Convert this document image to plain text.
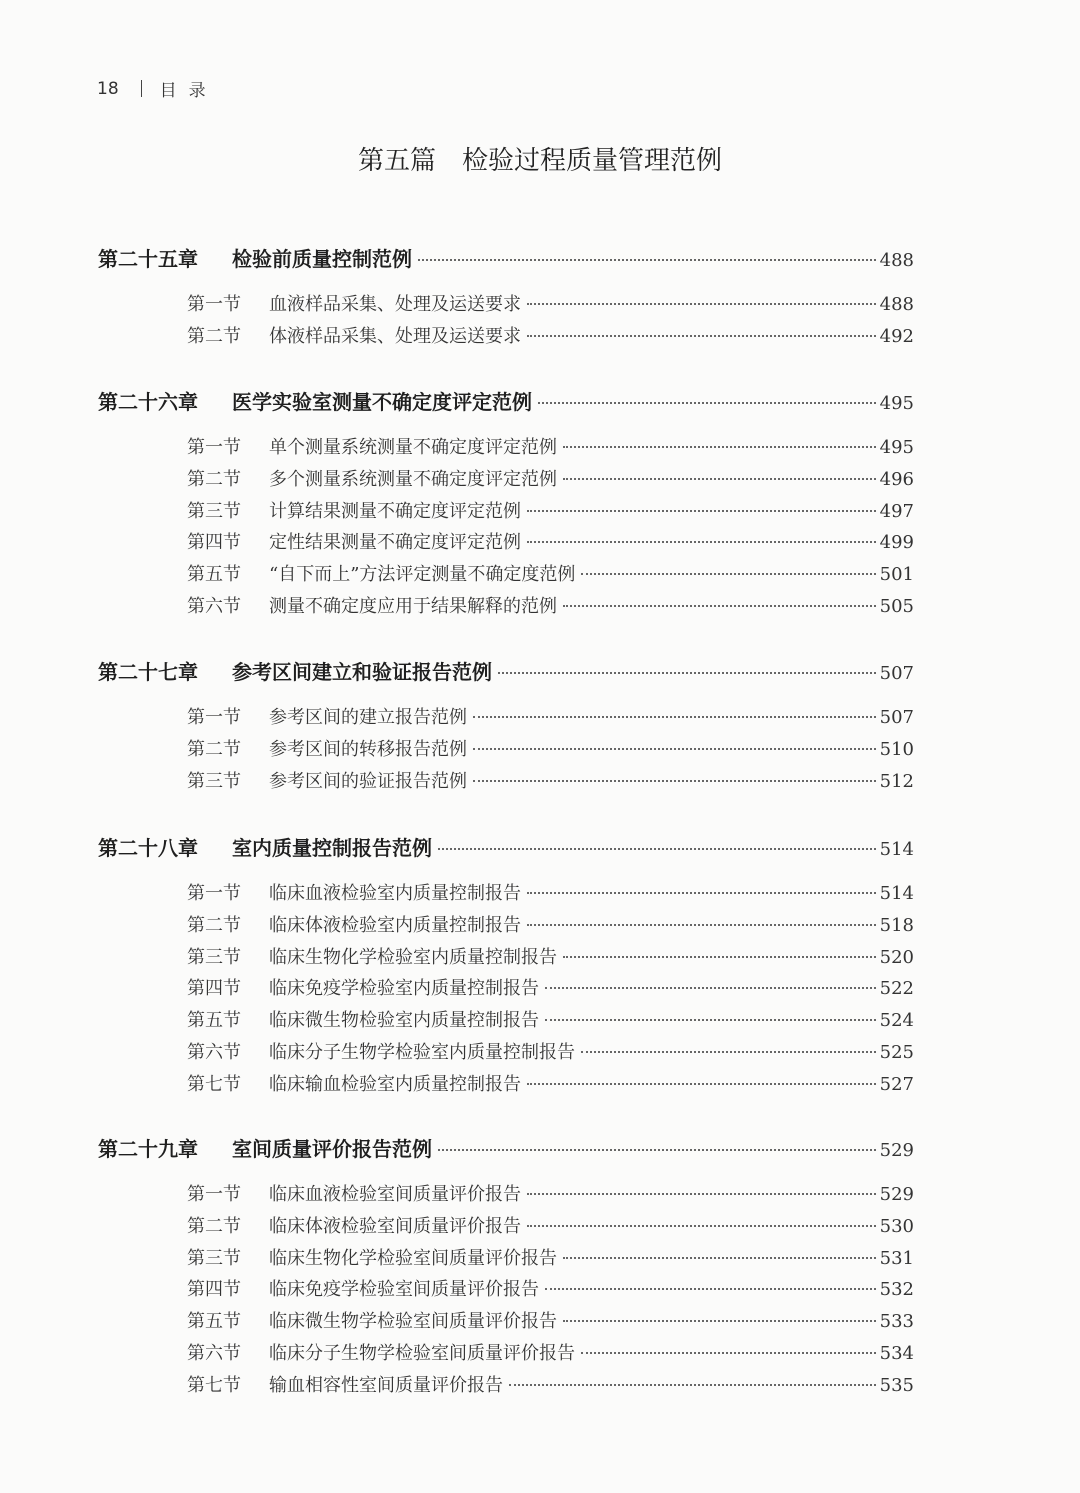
18 目录
第五篇　检验过程质量管理范例
第二十五章	检验前质量控制范例	488
第一节	血液样品采集、处理及运送要求	488
第二节	体液样品采集、处理及运送要求	492
第二十六章	医学实验室测量不确定度评定范例	495
第一节	单个测量系统测量不确定度评定范例	495
第二节	多个测量系统测量不确定度评定范例	496
第三节	计算结果测量不确定度评定范例	497
第四节	定性结果测量不确定度评定范例	499
第五节	“自下而上”方法评定测量不确定度范例	501
第六节	测量不确定度应用于结果解释的范例	505
第二十七章	参考区间建立和验证报告范例	507
第一节	参考区间的建立报告范例	507
第二节	参考区间的转移报告范例	510
第三节	参考区间的验证报告范例	512
第二十八章	室内质量控制报告范例	514
第一节	临床血液检验室内质量控制报告	514
第二节	临床体液检验室内质量控制报告	518
第三节	临床生物化学检验室内质量控制报告	520
第四节	临床免疫学检验室内质量控制报告	522
第五节	临床微生物检验室内质量控制报告	524
第六节	临床分子生物学检验室内质量控制报告	525
第七节	临床输血检验室内质量控制报告	527
第二十九章	室间质量评价报告范例	529
第一节	临床血液检验室间质量评价报告	529
第二节	临床体液检验室间质量评价报告	530
第三节	临床生物化学检验室间质量评价报告	531
第四节	临床免疫学检验室间质量评价报告	532
第五节	临床微生物学检验室间质量评价报告	533
第六节	临床分子生物学检验室间质量评价报告	534
第七节	输血相容性室间质量评价报告	535
